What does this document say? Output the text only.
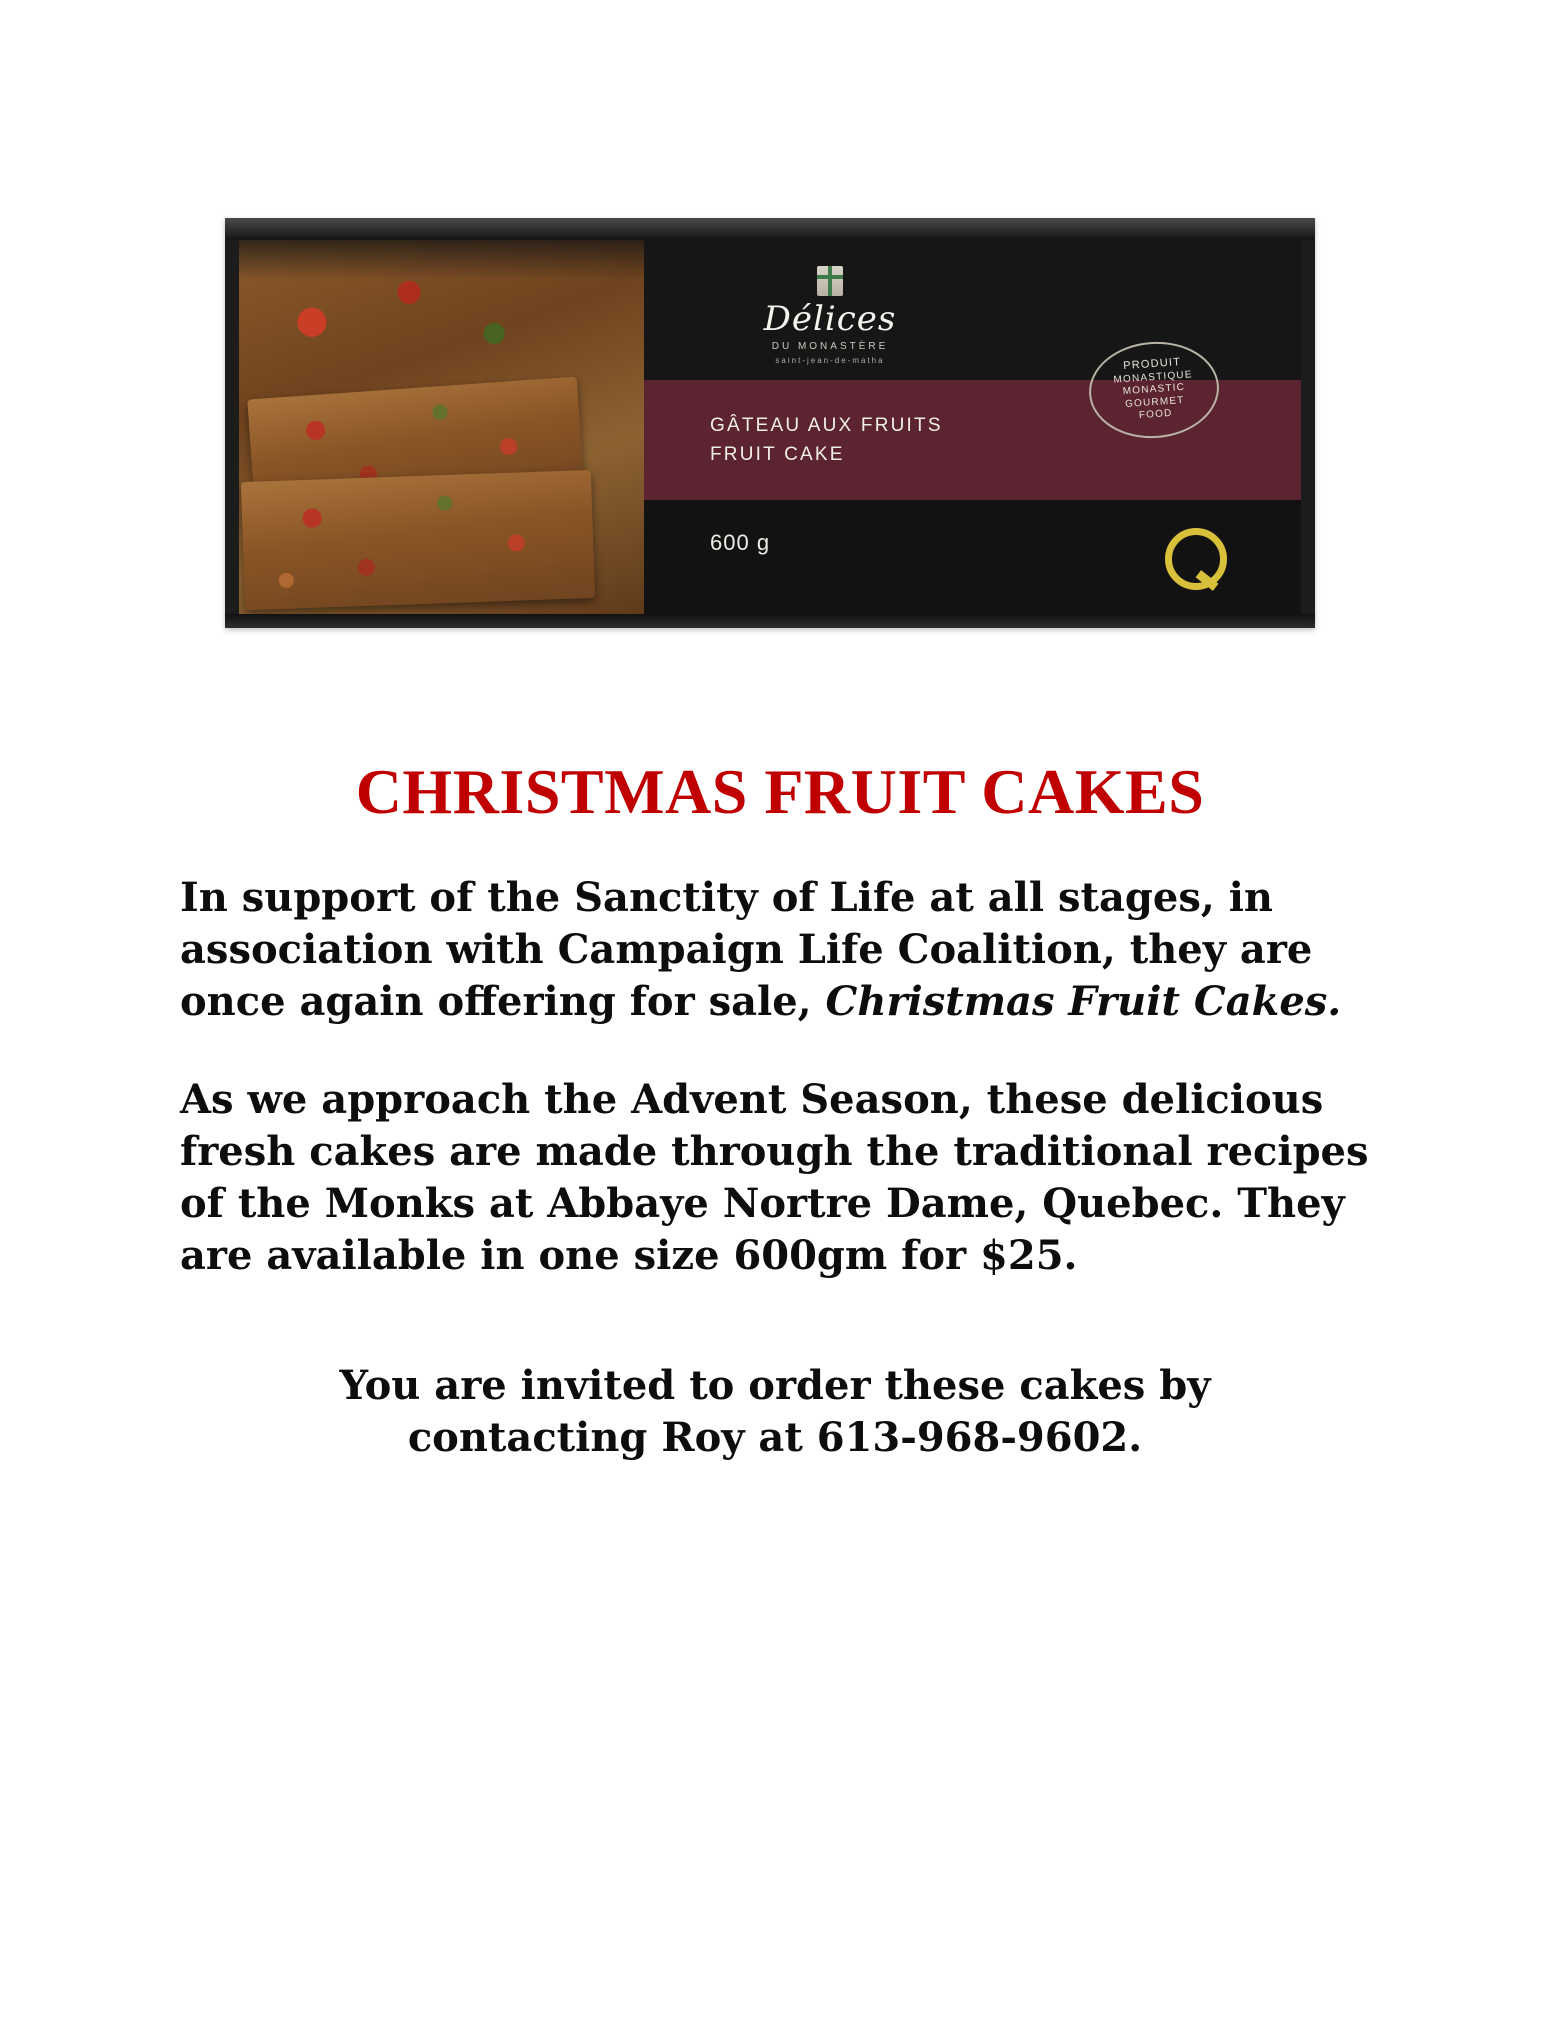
Délices
DU MONASTÈRE
saint-jean-de-matha
GÂTEAU AUX FRUITS
FRUIT CAKE
600 g
PRODUIT
MONASTIQUE
MONASTIC
GOURMET
FOOD
CHRISTMAS FRUIT CAKES

In support of the Sanctity of Life at all stages, in association with Campaign Life Coalition, they are once again offering for sale, Christmas Fruit Cakes.

As we approach the Advent Season, these delicious fresh cakes are made through the traditional recipes of the Monks at Abbaye Nortre Dame, Quebec. They are available in one size 600gm for $25.

You are invited to order these cakes by contacting Roy at 613-968-9602.
